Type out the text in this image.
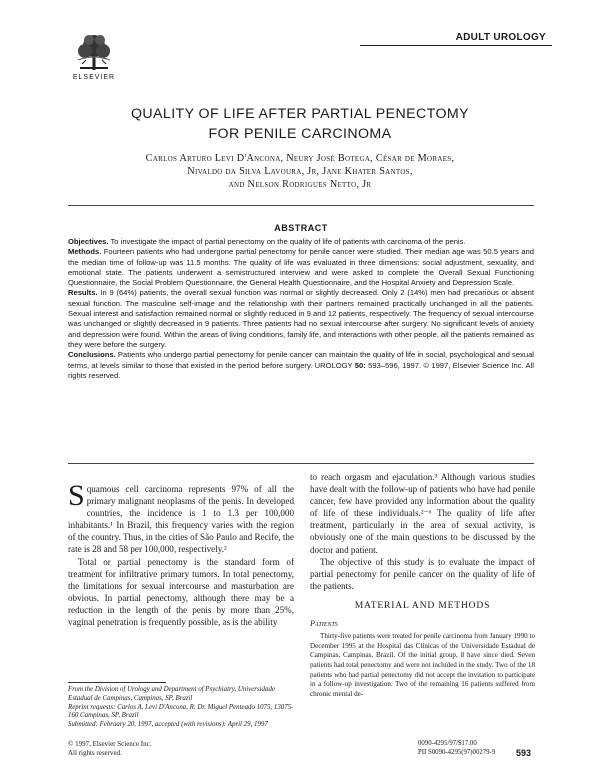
ELSEVIER
ADULT UROLOGY
QUALITY OF LIFE AFTER PARTIAL PENECTOMY
FOR PENILE CARCINOMA
Carlos Arturo Levi D'Ancona, Neury José Botega, César de Moraes,
Nivaldo da Silva Lavoura, Jr, Jane Khater Santos,
and Nelson Rodrigues Netto, Jr
ABSTRACT

Objectives. To investigate the impact of partial penectomy on the quality of life of patients with carcinoma of the penis.

Methods. Fourteen patients who had undergone partial penectomy for penile cancer were studied. Their median age was 50.5 years and the median time of follow-up was 11.5 months. The quality of life was evaluated in three dimensions: social adjustment, sexuality, and emotional state. The patients underwent a semistructured interview and were asked to complete the Overall Sexual Functioning Questionnaire, the Social Problem Questionnaire, the General Health Questionnaire, and the Hospital Anxiety and Depression Scale.

Results. In 9 (64%) patients, the overall sexual function was normal or slightly decreased. Only 2 (14%) men had precarious or absent sexual function. The masculine self-image and the relationship with their partners remained practically unchanged in all the patients. Sexual interest and satisfaction remained normal or slightly reduced in 9 and 12 patients, respectively. The frequency of sexual intercourse was unchanged or slightly decreased in 9 patients. Three patients had no sexual intercourse after surgery. No significant levels of anxiety and depression were found. Within the areas of living conditions, family life, and interactions with other people, all the patients remained as they were before the surgery.

Conclusions. Patients who undergo partial penectomy for penile cancer can maintain the quality of life in social, psychological and sexual terms, at levels similar to those that existed in the period before surgery. UROLOGY 50: 593–596, 1997. © 1997, Elsevier Science Inc. All rights reserved.

Squamous cell carcinoma represents 97% of all the primary malignant neoplasms of the penis. In developed countries, the incidence is 1 to 1.3 per 100,000 inhabitants.¹ In Brazil, this frequency varies with the region of the country. Thus, in the cities of São Paulo and Recife, the rate is 28 and 58 per 100,000, respectively.²

Total or partial penectomy is the standard form of treatment for infiltrative primary tumors. In total penectomy, the limitations for sexual intercourse and masturbation are obvious. In partial penectomy, although there may be a reduction in the length of the penis by more than 25%, vaginal penetration is frequently possible, as is the ability

to reach orgasm and ejaculation.³ Although various studies have dealt with the follow-up of patients who have had penile cancer, few have provided any information about the quality of life of these individuals.²⁻⁶ The quality of life after treatment, particularly in the area of sexual activity, is obviously one of the main questions to be discussed by the doctor and patient.

The objective of this study is to evaluate the impact of partial penectomy for penile cancer on the quality of life of the patients.

MATERIAL AND METHODS
Patients

Thirty-five patients were treated for penile carcinoma from January 1990 to December 1995 at the Hospital das Clínicas of the Universidade Estadual de Campinas, Campinas, Brazil. Of the initial group, 8 have since died. Seven patients had total penectomy and were not included in the study. Two of the 18 patients who had partial penectomy did not accept the invitation to participate in a follow-up investigation. Two of the remaining 16 patients suffered from chronic mental de-

From the Division of Urology and Department of Psychiatry, Universidade Estadual de Campinas, Campinas, SP, Brazil

Reprint requests: Carlos A. Levi D'Ancona, R. Dr. Miguel Penteado 1075, 13075-160 Campinas, SP, Brazil

Submitted: February 20, 1997, accepted (with revisions): April 29, 1997

© 1997, Elsevier Science Inc.

All rights reserved.

0090-4295/97/$17.00

PII S0090-4295(97)00279-9	593
